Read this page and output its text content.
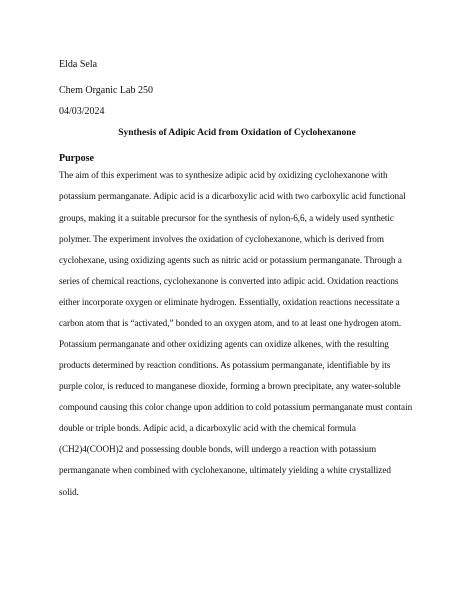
Elda Sela
Chem Organic Lab 250
04/03/2024
Synthesis of Adipic Acid from Oxidation of Cyclohexanone
Purpose
The aim of this experiment was to synthesize adipic acid by oxidizing cyclohexanone with
potassium permanganate. Adipic acid is a dicarboxylic acid with two carboxylic acid functional
groups, making it a suitable precursor for the synthesis of nylon-6,6, a widely used synthetic
polymer. The experiment involves the oxidation of cyclohexanone, which is derived from
cyclohexane, using oxidizing agents such as nitric acid or potassium permanganate. Through a
series of chemical reactions, cyclohexanone is converted into adipic acid. Oxidation reactions
either incorporate oxygen or eliminate hydrogen. Essentially, oxidation reactions necessitate a
carbon atom that is “activated,” bonded to an oxygen atom, and to at least one hydrogen atom.
Potassium permanganate and other oxidizing agents can oxidize alkenes, with the resulting
products determined by reaction conditions. As potassium permanganate, identifiable by its
purple color, is reduced to manganese dioxide, forming a brown precipitate, any water-soluble
compound causing this color change upon addition to cold potassium permanganate must contain
double or triple bonds. Adipic acid, a dicarboxylic acid with the chemical formula
(CH2)4(COOH)2 and possessing double bonds, will undergo a reaction with potassium
permanganate when combined with cyclohexanone, ultimately yielding a white crystallized
solid.
